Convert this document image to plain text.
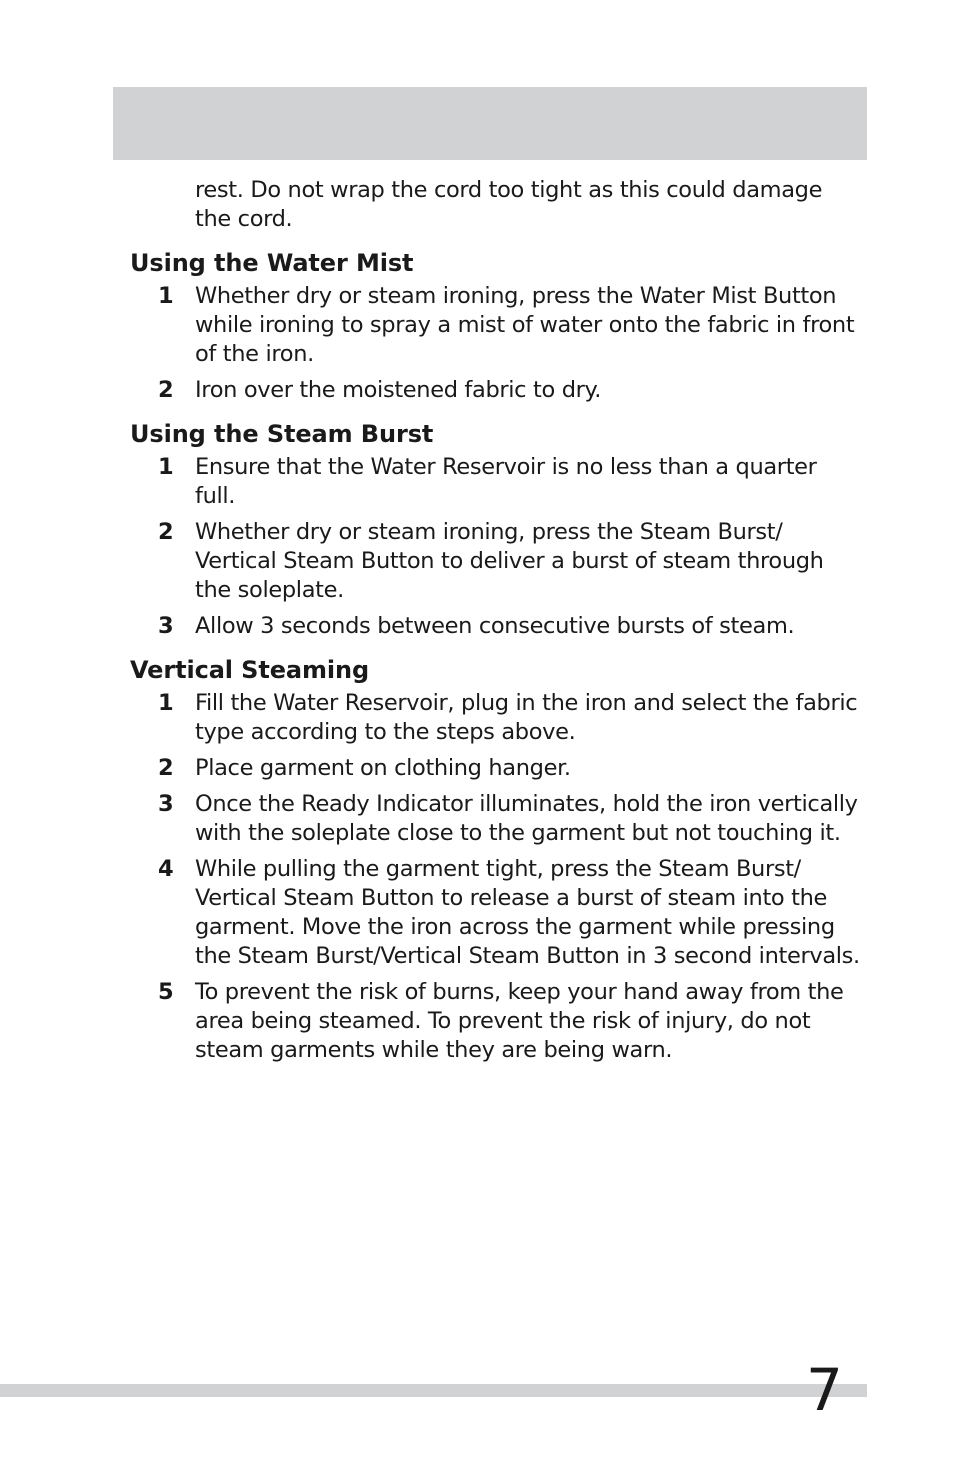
rest. Do not wrap the cord too tight as this could damage the cord.

Using the Water Mist
1 Whether dry or steam ironing, press the Water Mist Button while ironing to spray a mist of water onto the fabric in front of the iron.
2 Iron over the moistened fabric to dry.
Using the Steam Burst
1 Ensure that the Water Reservoir is no less than a quarter full.
2 Whether dry or steam ironing, press the Steam Burst/ Vertical Steam Button to deliver a burst of steam through the soleplate.
3 Allow 3 seconds between consecutive bursts of steam.
Vertical Steaming
1 Fill the Water Reservoir, plug in the iron and select the fabric type according to the steps above.
2 Place garment on clothing hanger.
3 Once the Ready Indicator illuminates, hold the iron vertically with the soleplate close to the garment but not touching it.
4 While pulling the garment tight, press the Steam Burst/ Vertical Steam Button to release a burst of steam into the garment. Move the iron across the garment while pressing the Steam Burst/Vertical Steam Button in 3 second intervals.
5 To prevent the risk of burns, keep your hand away from the area being steamed. To prevent the risk of injury, do not steam garments while they are being warn.
7
